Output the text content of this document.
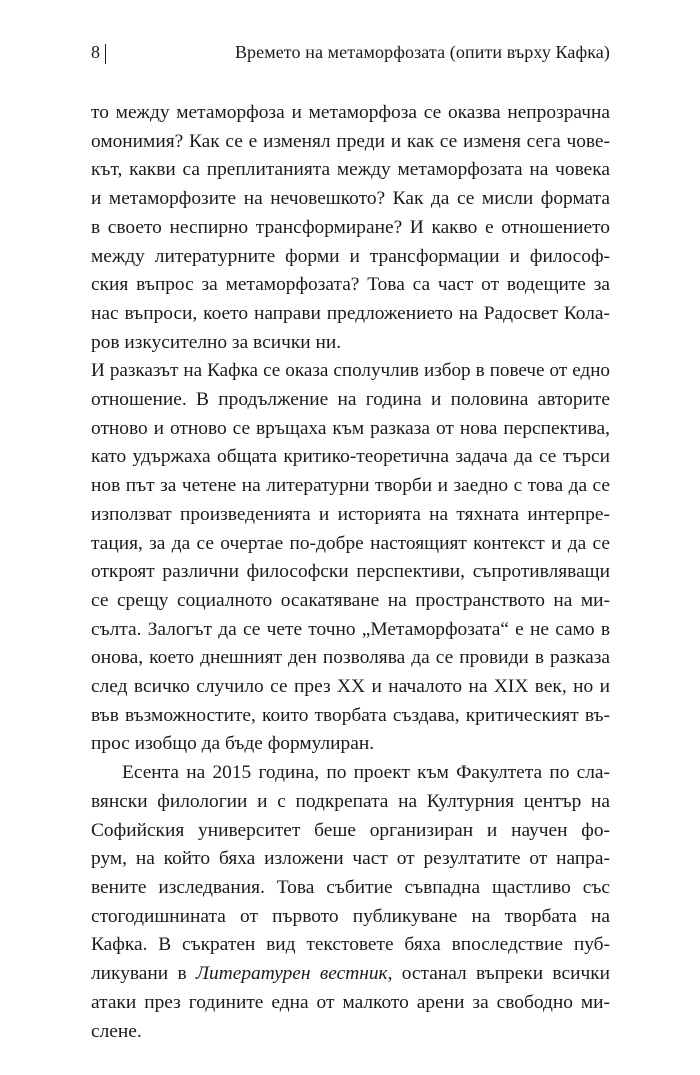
8	Времето на метаморфозата (опити върху Кафка)

то между метаморфоза и метаморфоза се оказва непрозрачна
омонимия? Как се е изменял преди и как се изменя сега чове-
кът, какви са преплитанията между метаморфозата на човека
и метаморфозите на нечовешкото? Как да се мисли формата
в своето неспирно трансформиране? И какво е отношението
между литературните форми и трансформации и философ-
ския въпрос за метаморфозата? Това са част от водещите за
нас въпроси, което направи предложението на Радосвет Кола-
ров изкусително за всички ни.

И разказът на Кафка се оказа сполучлив избор в повече от едно
отношение. В продължение на година и половина авторите
отново и отново се връщаха към разказа от нова перспектива,
като удържаха общата критико-теоретична задача да се търси
нов път за четене на литературни творби и заедно с това да се
използват произведенията и историята на тяхната интерпре-
тация, за да се очертае по-добре настоящият контекст и да се
откроят различни философски перспективи, съпротивляващи
се срещу социалното осакатяване на пространството на ми-
сълта. Залогът да се чете точно „Метаморфозата“ е не само в
онова, което днешният ден позволява да се провиди в разказа
след всичко случило се през XX и началото на XIX век, но и
във възможностите, които творбата създава, критическият въ-
прос изобщо да бъде формулиран.

Есента на 2015 година, по проект към Факултета по сла-
вянски филологии и с подкрепата на Културния център на
Софийския университет беше организиран и научен фо-
рум, на който бяха изложени част от резултатите от напра-
вените изследвания. Това събитие съвпадна щастливо със
стогодишнината от първото публикуване на творбата на
Кафка. В съкратен вид текстовете бяха впоследствие пуб-
ликувани в Литературен вестник, останал въпреки всички
атаки през годините една от малкото арени за свободно ми-
слене.
